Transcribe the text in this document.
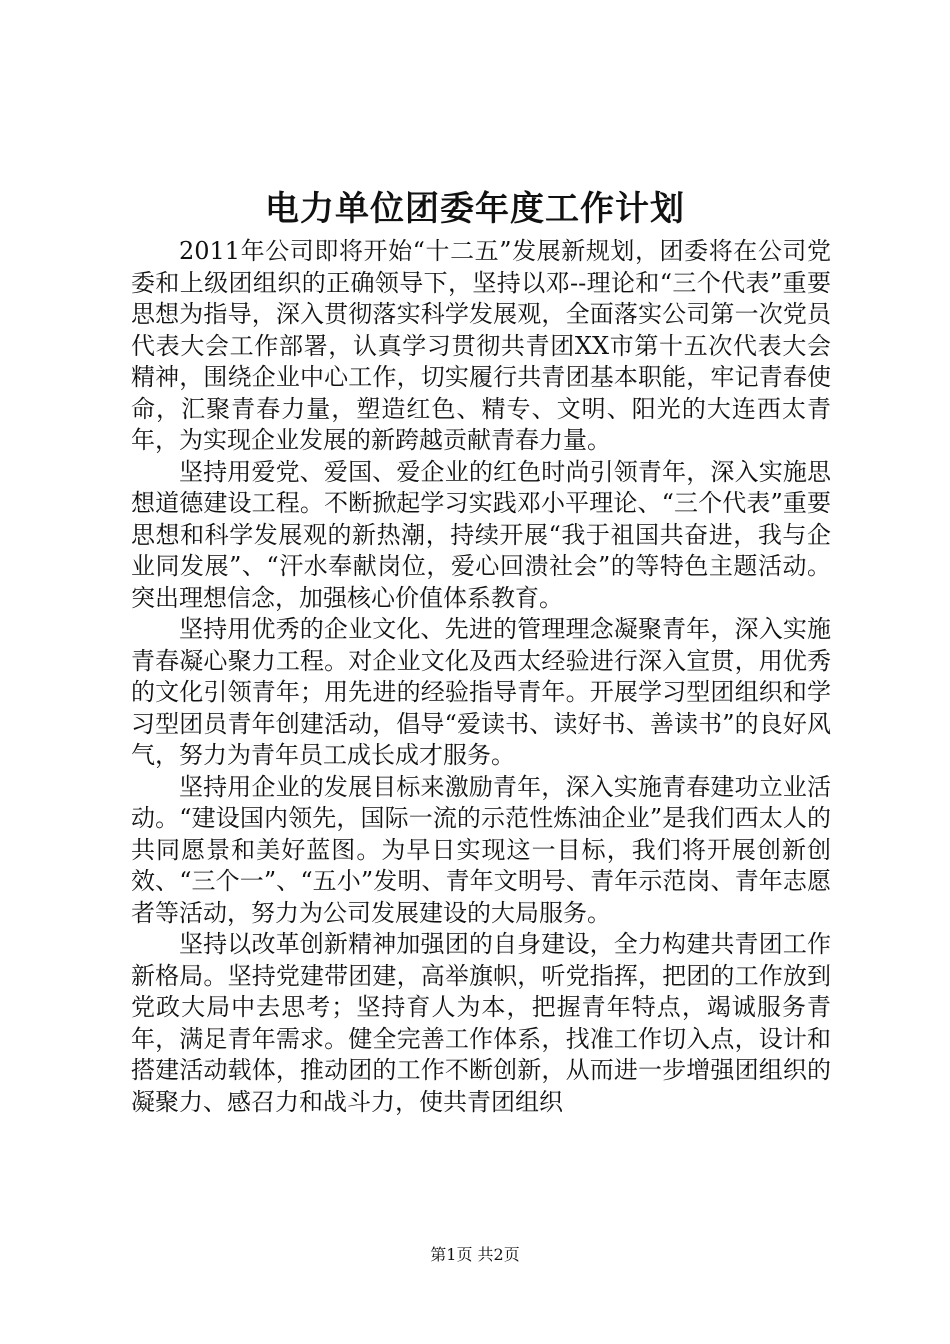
电力单位团委年度工作计划

2011年公司即将开始“十二五”发展新规划，团委将在公司党委和上级团组织的正确领导下，坚持以邓--理论和“三个代表”重要思想为指导，深入贯彻落实科学发展观，全面落实公司第一次党员代表大会工作部署，认真学习贯彻共青团XX市第十五次代表大会精神，围绕企业中心工作，切实履行共青团基本职能，牢记青春使命，汇聚青春力量，塑造红色、精专、文明、阳光的大连西太青年，为实现企业发展的新跨越贡献青春力量。

坚持用爱党、爱国、爱企业的红色时尚引领青年，深入实施思想道德建设工程。不断掀起学习实践邓小平理论、“三个代表”重要思想和科学发展观的新热潮，持续开展“我于祖国共奋进，我与企业同发展”、“汗水奉献岗位，爱心回溃社会”的等特色主题活动。突出理想信念，加强核心价值体系教育。

坚持用优秀的企业文化、先进的管理理念凝聚青年，深入实施青春凝心聚力工程。对企业文化及西太经验进行深入宣贯，用优秀的文化引领青年；用先进的经验指导青年。开展学习型团组织和学习型团员青年创建活动，倡导“爱读书、读好书、善读书”的良好风气，努力为青年员工成长成才服务。

坚持用企业的发展目标来激励青年，深入实施青春建功立业活动。“建设国内领先，国际一流的示范性炼油企业”是我们西太人的共同愿景和美好蓝图。为早日实现这一目标，我们将开展创新创效、“三个一”、“五小”发明、青年文明号、青年示范岗、青年志愿者等活动，努力为公司发展建设的大局服务。

坚持以改革创新精神加强团的自身建设，全力构建共青团工作新格局。坚持党建带团建，高举旗帜，听党指挥，把团的工作放到党政大局中去思考；坚持育人为本，把握青年特点，竭诚服务青年，满足青年需求。健全完善工作体系，找准工作切入点，设计和搭建活动载体，推动团的工作不断创新，从而进一步增强团组织的凝聚力、感召力和战斗力，使共青团组织

第1页 共2页
